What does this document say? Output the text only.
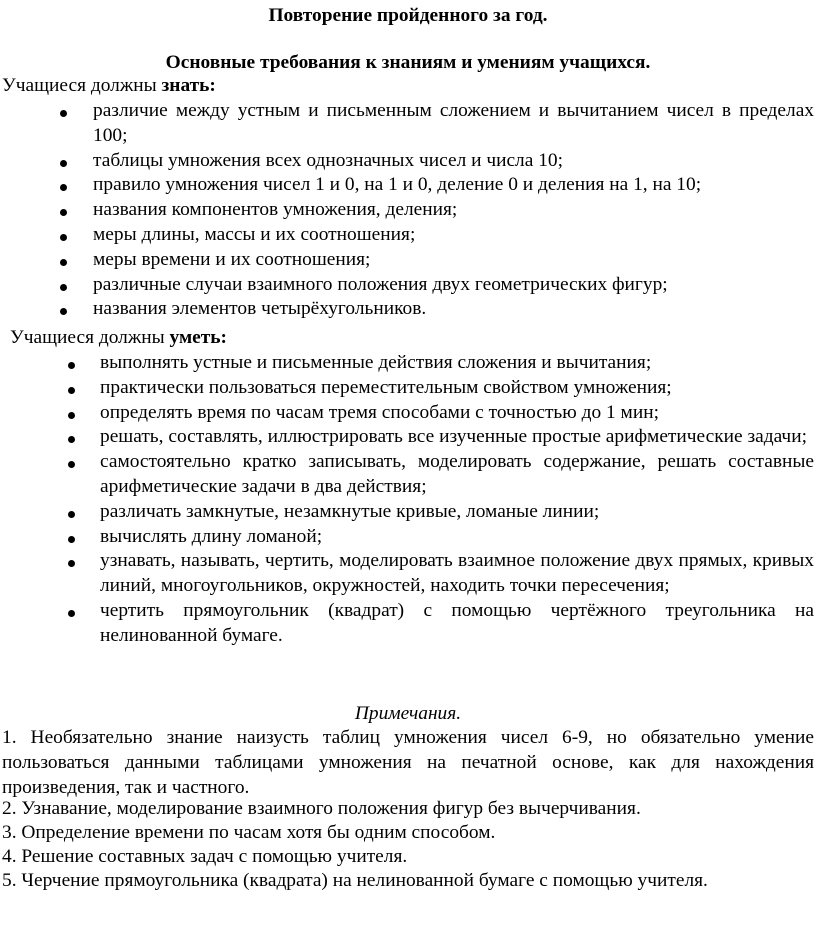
Повторение пройденного за год.
Основные требования к знаниям и умениям учащихся.
Учащиеся должны знать:
различие между устным и письменным сложением и вычитанием чисел в пределах 100;
таблицы умножения всех однозначных чисел и числа 10;
правило умножения чисел 1 и 0, на 1 и 0, деление 0 и деления на 1, на 10;
названия компонентов умножения, деления;
меры длины, массы и их соотношения;
меры времени и их соотношения;
различные случаи взаимного положения двух геометрических фигур;
названия элементов четырёхугольников.
Учащиеся должны уметь:
выполнять устные и письменные действия сложения и вычитания;
практически пользоваться переместительным свойством умножения;
определять время по часам тремя способами с точностью до 1 мин;
решать, составлять, иллюстрировать все изученные простые арифметические задачи;
самостоятельно кратко записывать, моделировать содержание, решать составные арифметические задачи в два действия;
различать замкнутые, незамкнутые кривые, ломаные линии;
вычислять длину ломаной;
узнавать, называть, чертить, моделировать взаимное положение двух прямых, кривых линий, многоугольников, окружностей, находить точки пересечения;
чертить прямоугольник (квадрат) с помощью чертёжного треугольника на нелинованной бумаге.
Примечания.
1. Необязательно знание наизусть таблиц умножения чисел 6-9, но обязательно умение пользоваться данными таблицами умножения на печатной основе, как для нахождения произведения, так и частного.
2. Узнавание, моделирование взаимного положения фигур без вычерчивания.
3. Определение времени по часам хотя бы одним способом.
4. Решение составных задач с помощью учителя.
5. Черчение прямоугольника (квадрата) на нелинованной бумаге с помощью учителя.
